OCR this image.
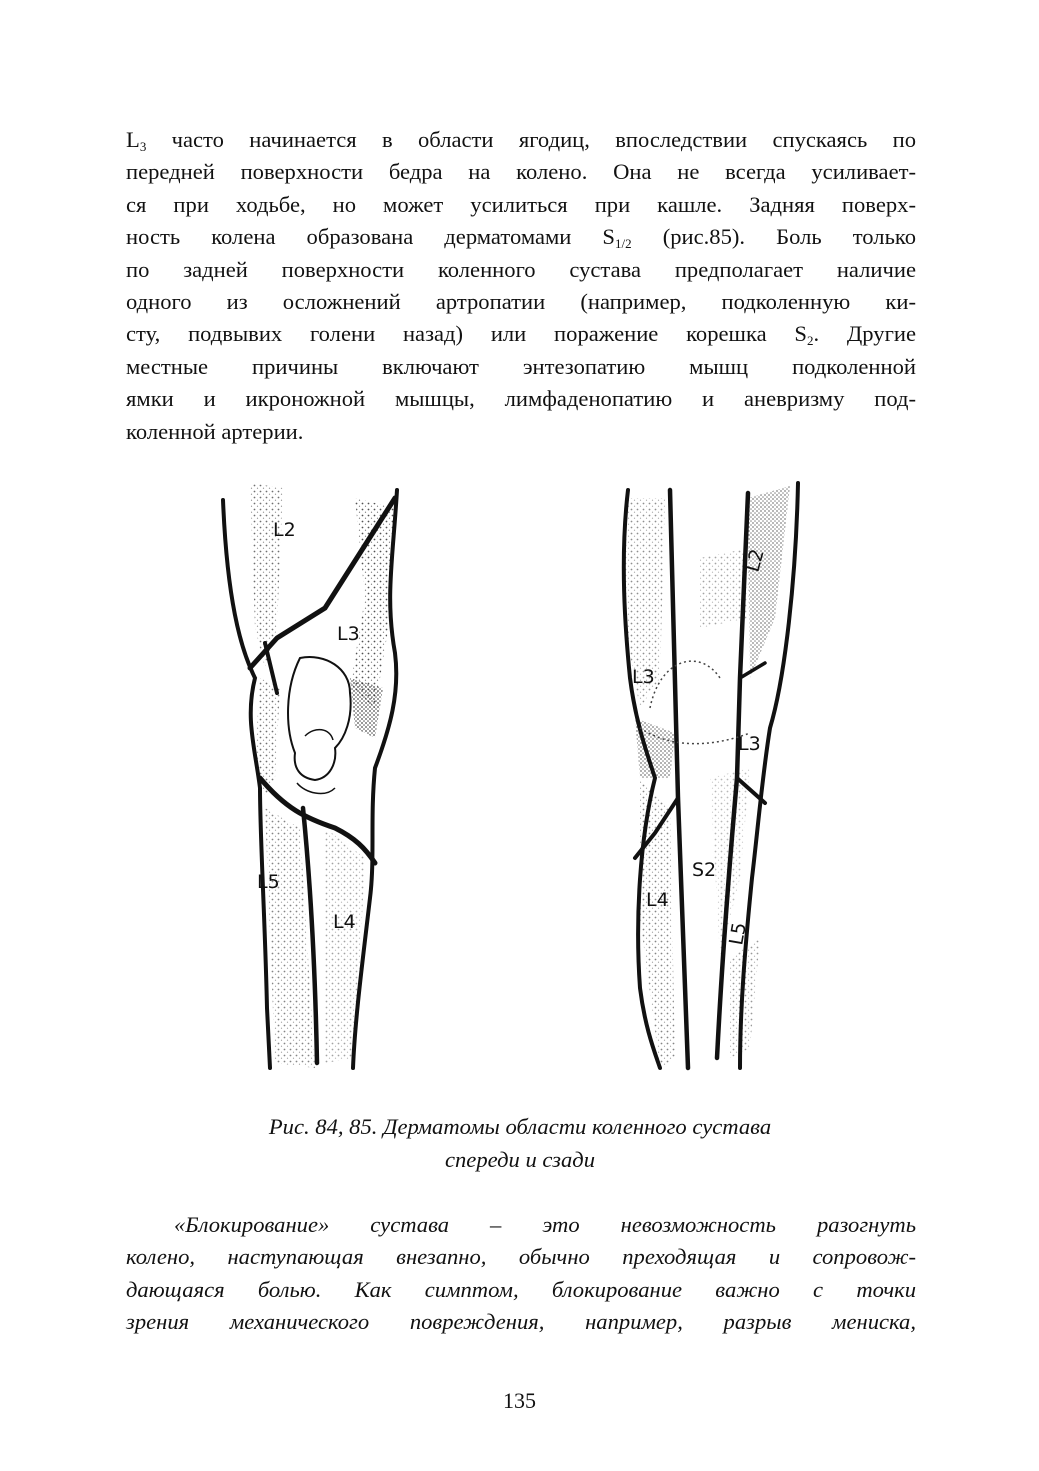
$L_3$ часто начинается в области ягодиц, впоследствии спускаясь по
передней поверхности бедра на колено. Она не всегда усиливает-
ся при ходьбе, но может усилиться при кашле. Задняя поверх-
ность колена образована дерматомами $S_{1/2}$ (рис.85). Боль только
по задней поверхности коленного сустава предполагает наличие
одного из осложнений артропатии (например, подколенную ки-
сту, подвывих голени назад) или поражение корешка $S_2$. Другие
местные причины включают энтезопатию мышц подколенной
ямки и икроножной мышцы, лимфаденопатию и аневризму под-
коленной артерии.
L2
L3
L5
L4
L2
L3
L3
S2
L4
L5
Рис. 84, 85. Дерматомы области коленного сустава
спереди и сзади
«Блокирование» сустава – это невозможность разогнуть
колено, наступающая внезапно, обычно преходящая и сопровож-
дающаяся болью. Как симптом, блокирование важно с точки
зрения механического повреждения, например, разрыв мениска,
135
